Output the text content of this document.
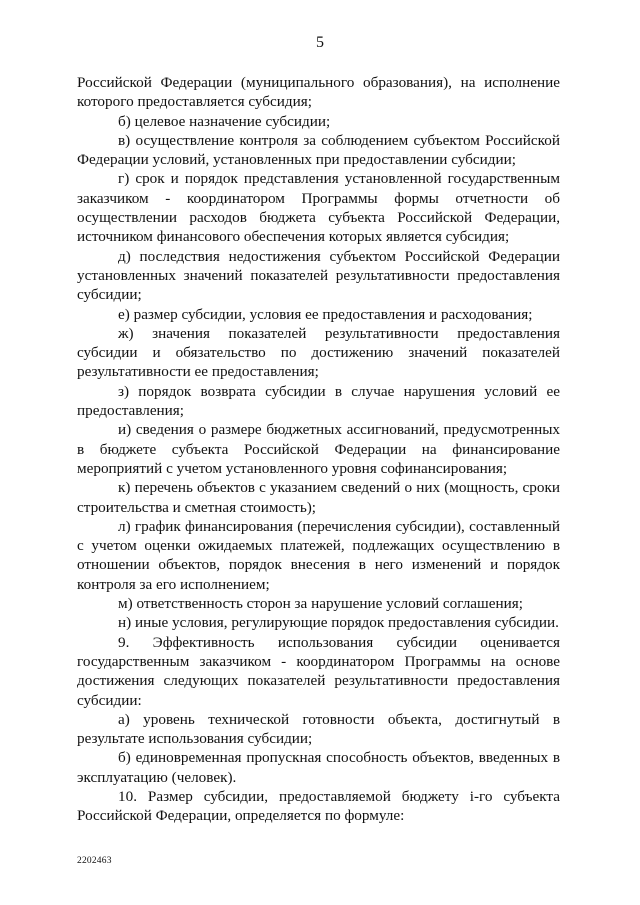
5

Российской Федерации (муниципального образования), на исполнение которого предоставляется субсидия;

б) целевое назначение субсидии;

в) осуществление контроля за соблюдением субъектом Российской Федерации условий, установленных при предоставлении субсидии;

г) срок и порядок представления установленной государственным заказчиком - координатором Программы формы отчетности об осуществлении расходов бюджета субъекта Российской Федерации, источником финансового обеспечения которых является субсидия;

д) последствия недостижения субъектом Российской Федерации установленных значений показателей результативности предоставления субсидии;

е) размер субсидии, условия ее предоставления и расходования;

ж) значения показателей результативности предоставления субсидии и обязательство по достижению значений показателей результативности ее предоставления;

з) порядок возврата субсидии в случае нарушения условий ее предоставления;

и) сведения о размере бюджетных ассигнований, предусмотренных в бюджете субъекта Российской Федерации на финансирование мероприятий с учетом установленного уровня софинансирования;

к) перечень объектов с указанием сведений о них (мощность, сроки строительства и сметная стоимость);

л) график финансирования (перечисления субсидии), составленный с учетом оценки ожидаемых платежей, подлежащих осуществлению в отношении объектов, порядок внесения в него изменений и порядок контроля за его исполнением;

м) ответственность сторон за нарушение условий соглашения;

н) иные условия, регулирующие порядок предоставления субсидии.

9. Эффективность использования субсидии оценивается государственным заказчиком - координатором Программы на основе достижения следующих показателей результативности предоставления субсидии:

а) уровень технической готовности объекта, достигнутый в результате использования субсидии;

б) единовременная пропускная способность объектов, введенных в эксплуатацию (человек).

10. Размер субсидии, предоставляемой бюджету i-го субъекта Российской Федерации, определяется по формуле:

2202463
